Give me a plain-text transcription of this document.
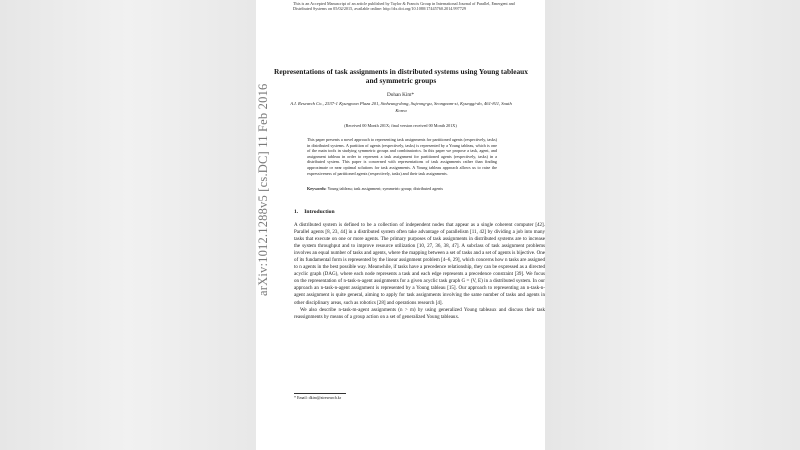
This is an Accepted Manuscript of an article published by Taylor & Francis Group in International Journal of Parallel, Emergent and Distributed Systems on 05/02/2015, available online: http://dx.doi.org/10.1080/17445760.2014.997729
Representations of task assignments in distributed systems using Young tableaux and symmetric groups
Dohan Kim*
A.I. Research Co., 2537-1 Kyungwon Plaza 201, Sinheung-dong, Sujeong-gu, Seongnam-si, Kyunggi-do, 461-811, South Korea
(Received 00 Month 201X; final version received 00 Month 201X)
This paper presents a novel approach to representing task assignments for partitioned agents (respectively, tasks) in distributed systems. A partition of agents (respectively, tasks) is represented by a Young tableau, which is one of the main tools in studying symmetric groups and combinatorics. In this paper we propose a task, agent, and assignment tableau in order to represent a task assignment for partitioned agents (respectively, tasks) in a distributed system. This paper is concerned with representations of task assignments rather than finding approximate or near optimal solutions for task assignments. A Young tableau approach allows us to raise the expressiveness of partitioned agents (respectively, tasks) and their task assignments.
Keywords: Young tableau; task assignment; symmetric group; distributed agents
1. Introduction

A distributed system is defined to be a collection of independent nodes that appear as a single coherent computer [42]. Parallel agents [8, 23, 44] in a distributed system often take advantage of parallelism [11, 42] by dividing a job into many tasks that execute on one or more agents. The primary purposes of task assignments in distributed systems are to increase the system throughput and to improve resource utilization [10, 27, 36, 38, 47]. A subclass of task assignment problems involves an equal number of tasks and agents, where the mapping between a set of tasks and a set of agents is bijective. One of its fundamental form is represented by the linear assignment problem [4–6, 29], which concerns how n tasks are assigned to n agents in the best possible way. Meanwhile, if tasks have a precedence relationship, they can be expressed as a directed acyclic graph (DAG), where each node represents a task and each edge represents a precedence constraint [39]. We focus on the representation of n-task-n-agent assignments for a given acyclic task graph G = (V, E) in a distributed system. In our approach an n-task-n-agent assignment is represented by a Young tableau [15]. Our approach to representing an n-task-n-agent assignment is quite general, aiming to apply for task assignments involving the same number of tasks and agents in other disciplinary areas, such as robotics [28] and operations research [4].

We also describe n-task-m-agent assignments (n > m) by using generalized Young tableaux and discuss their task reassignments by means of a group action on a set of generalized Young tableaux.

* Email: dkim@airesearch.kr
arXiv:1012.1288v5 [cs.DC] 11 Feb 2016
